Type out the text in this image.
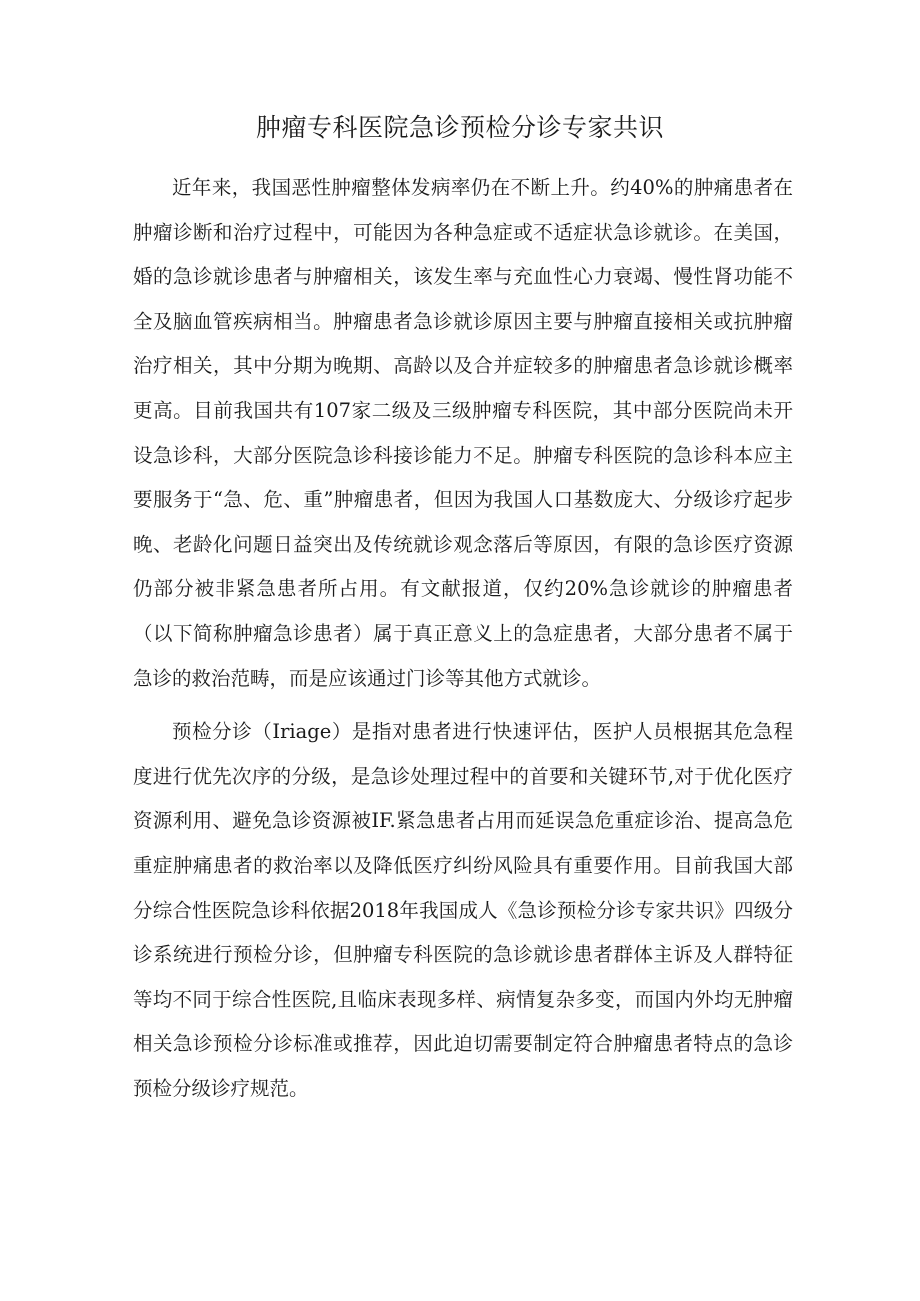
肿瘤专科医院急诊预检分诊专家共识

近年来，我国恶性肿瘤整体发病率仍在不断上升。约40%的肿痛患者在肿瘤诊断和治疗过程中，可能因为各种急症或不适症状急诊就诊。在美国，婚的急诊就诊患者与肿瘤相关，该发生率与充血性心力衰竭、慢性肾功能不全及脑血管疾病相当。肿瘤患者急诊就诊原因主要与肿瘤直接相关或抗肿瘤治疗相关，其中分期为晚期、高龄以及合并症较多的肿瘤患者急诊就诊概率更高。目前我国共有107家二级及三级肿瘤专科医院，其中部分医院尚未开设急诊科，大部分医院急诊科接诊能力不足。肿瘤专科医院的急诊科本应主要服务于“急、危、重”肿瘤患者，但因为我国人口基数庞大、分级诊疗起步晚、老龄化问题日益突出及传统就诊观念落后等原因，有限的急诊医疗资源仍部分被非紧急患者所占用。有文献报道，仅约20%急诊就诊的肿瘤患者（以下简称肿瘤急诊患者）属于真正意义上的急症患者，大部分患者不属于急诊的救治范畴，而是应该通过门诊等其他方式就诊。

预检分诊（Iriage）是指对患者进行快速评估，医护人员根据其危急程度进行优先次序的分级，是急诊处理过程中的首要和关键环节,对于优化医疗资源利用、避免急诊资源被IF.紧急患者占用而延误急危重症诊治、提高急危重症肿痛患者的救治率以及降低医疗纠纷风险具有重要作用。目前我国大部分综合性医院急诊科依据2018年我国成人《急诊预检分诊专家共识》四级分诊系统进行预检分诊，但肿瘤专科医院的急诊就诊患者群体主诉及人群特征等均不同于综合性医院,且临床表现多样、病情复杂多变，而国内外均无肿瘤相关急诊预检分诊标准或推荐，因此迫切需要制定符合肿瘤患者特点的急诊预检分级诊疗规范。
